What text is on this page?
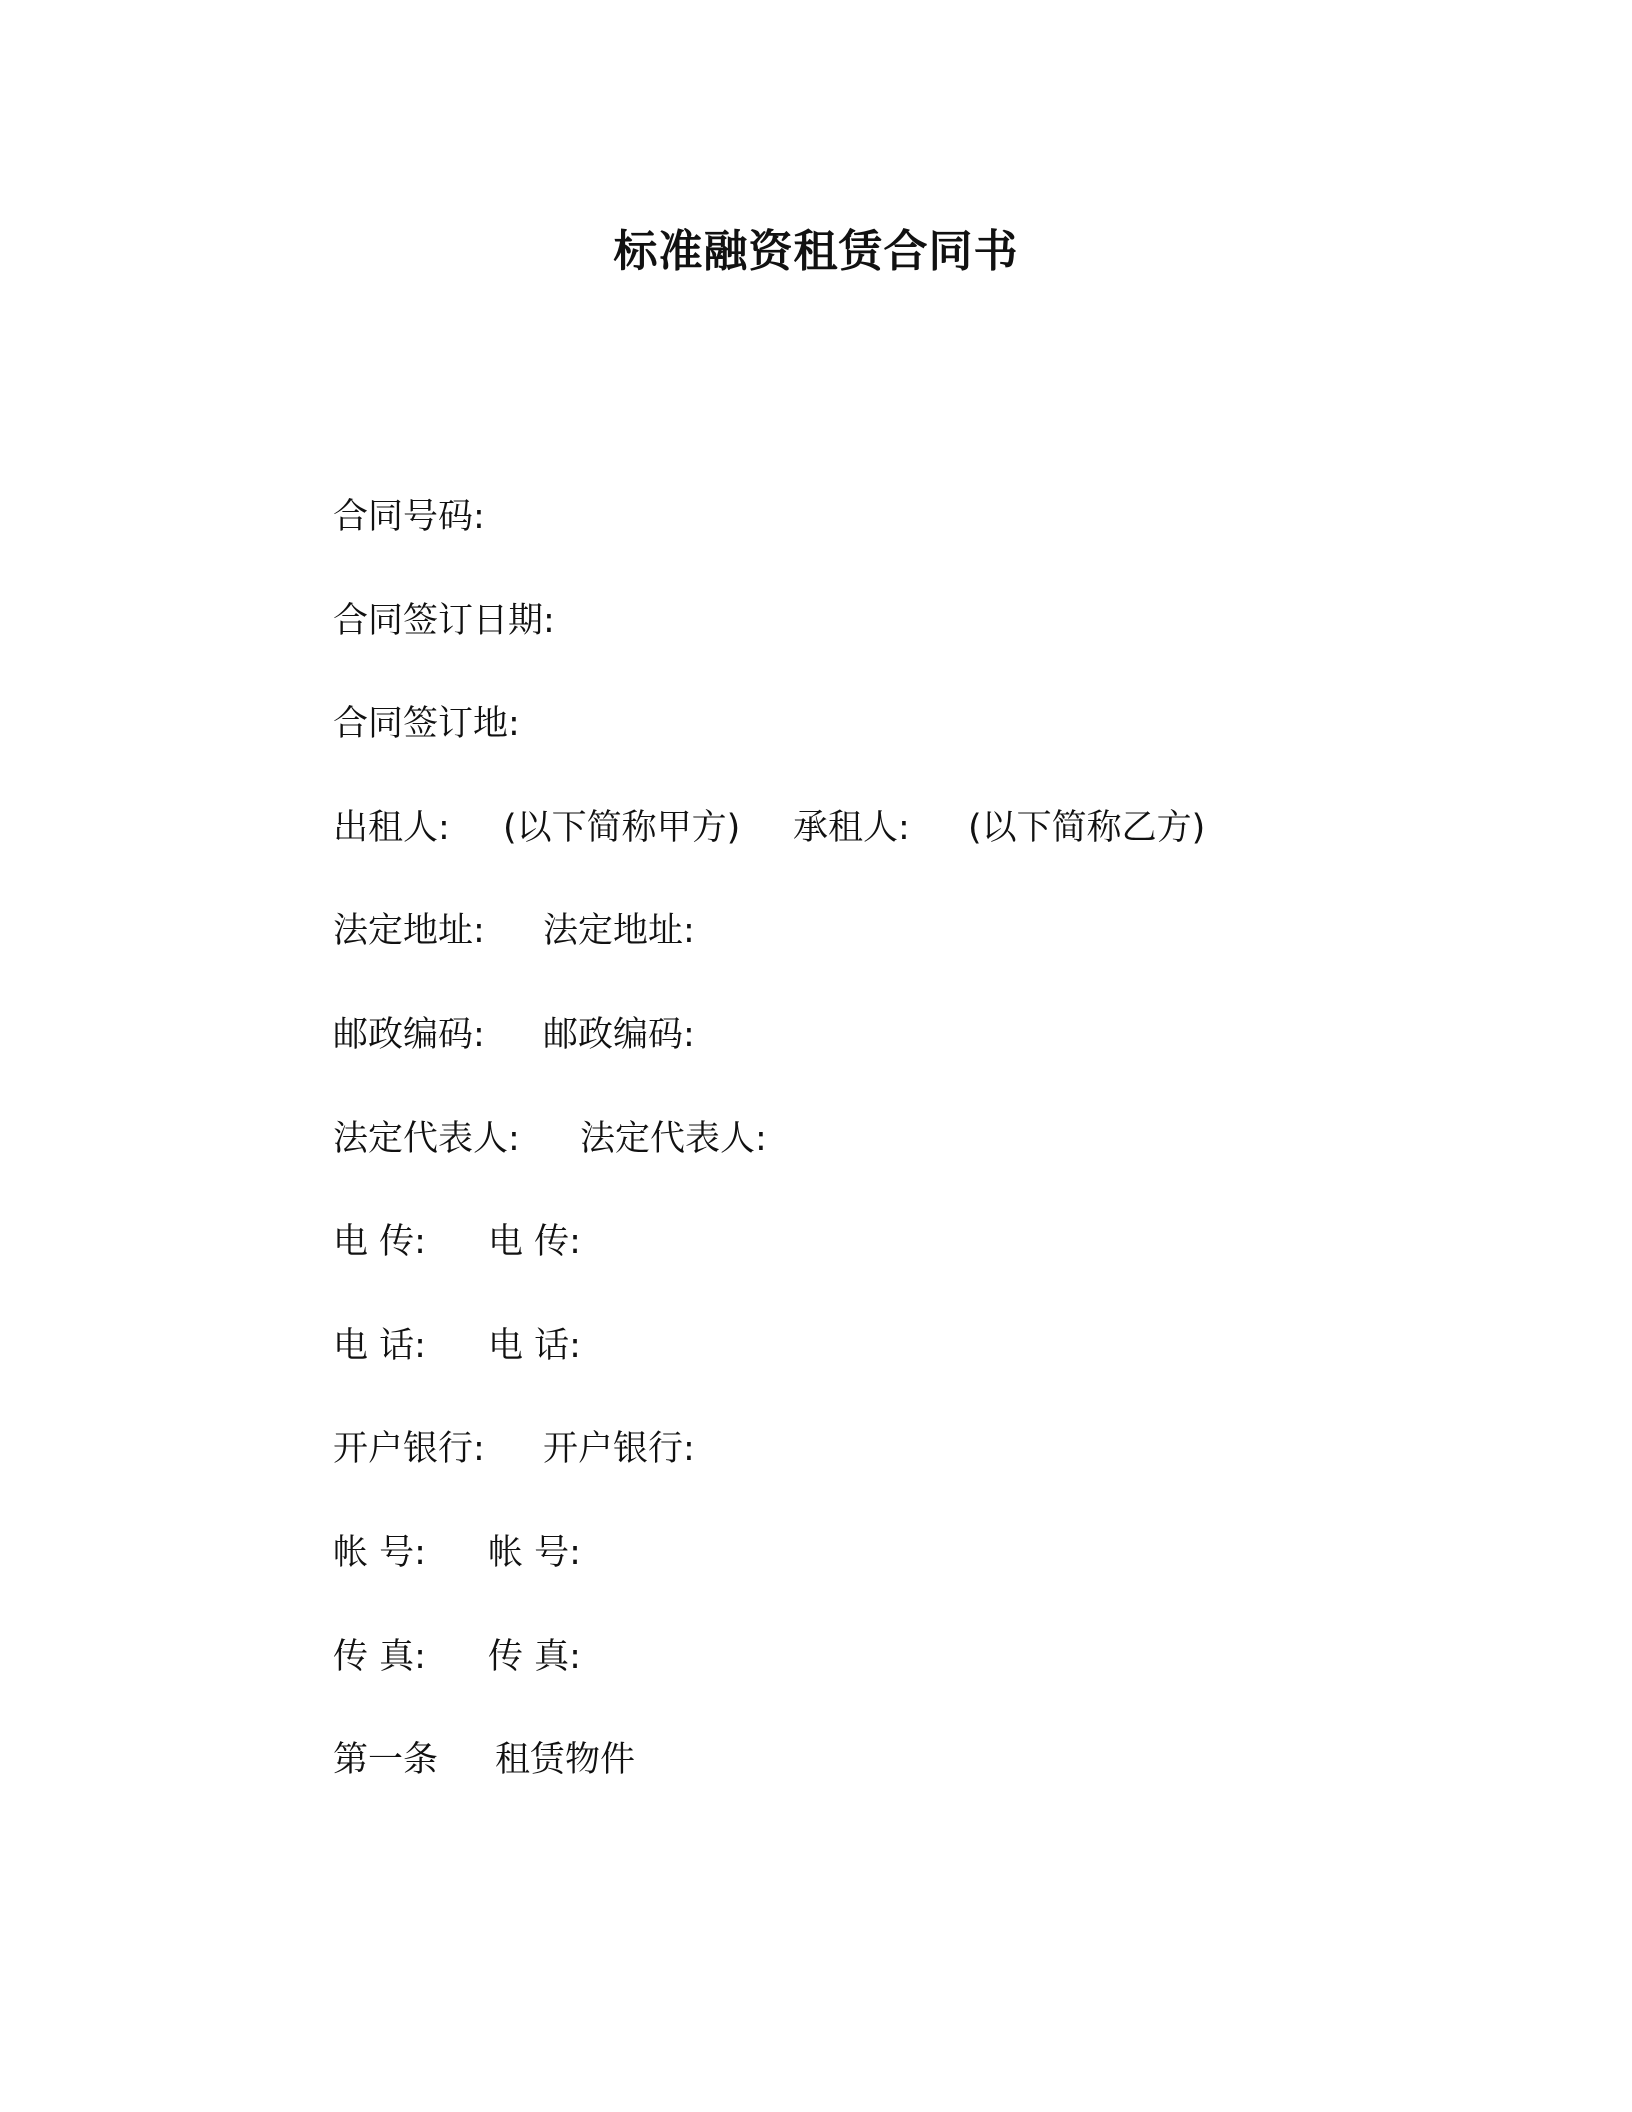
标准融资租赁合同书
合同号码:
合同签订日期:
合同签订地:
出租人: (以下简称甲方) 承租人: (以下简称乙方)
法定地址: 法定地址:
邮政编码: 邮政编码:
法定代表人: 法定代表人:
电 传: 电 传:
电 话: 电 话:
开户银行: 开户银行:
帐 号: 帐 号:
传 真: 传 真:
第一条 租赁物件
